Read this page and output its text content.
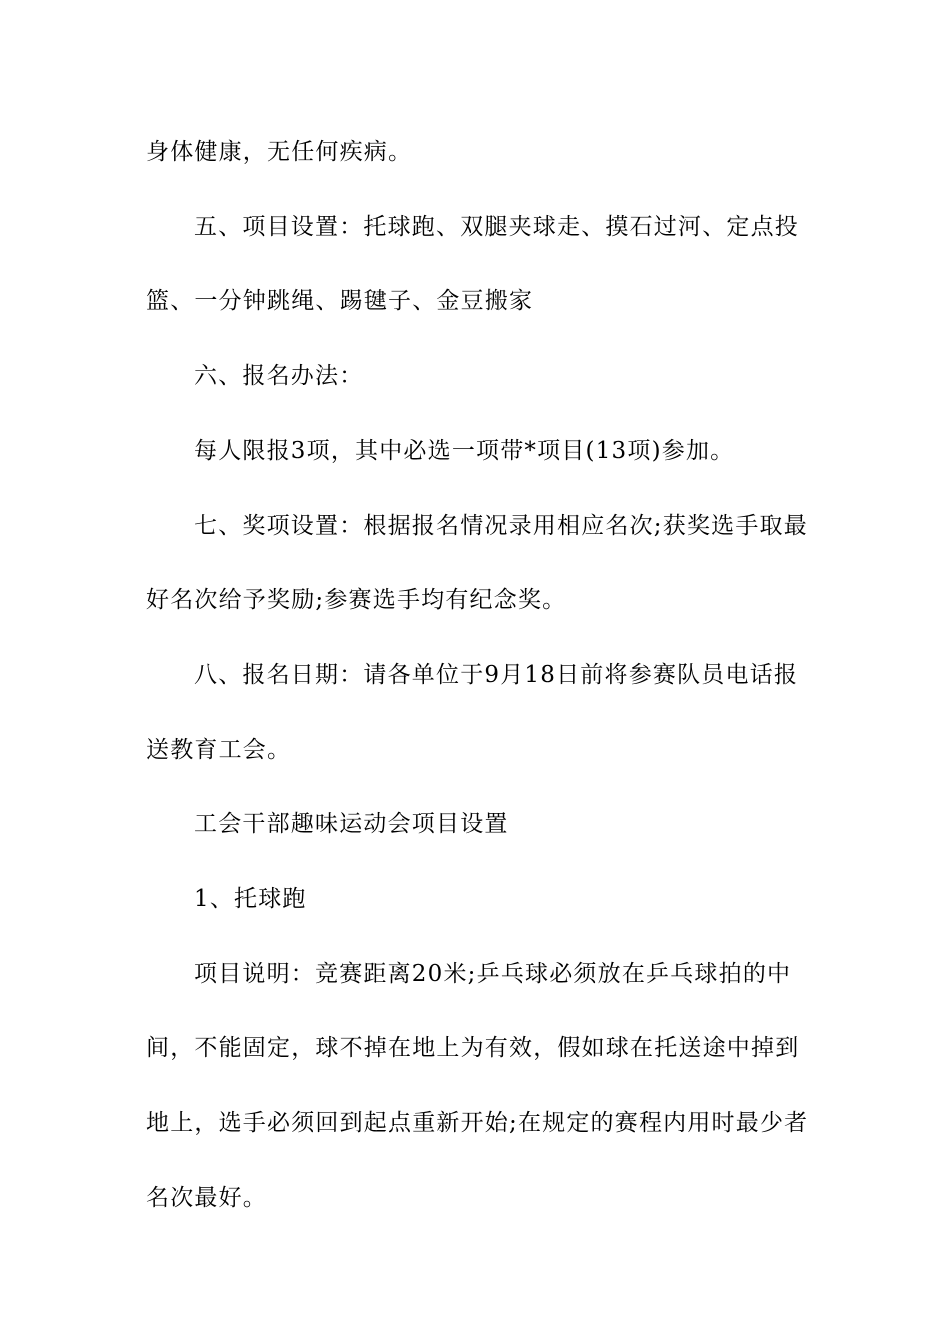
身体健康，无任何疾病。

五、项目设置：托球跑、双腿夹球走、摸石过河、定点投篮、一分钟跳绳、踢毽子、金豆搬家

六、报名办法：

每人限报3项，其中必选一项带*项目(13项)参加。

七、奖项设置：根据报名情况录用相应名次;获奖选手取最好名次给予奖励;参赛选手均有纪念奖。

八、报名日期：请各单位于9月18日前将参赛队员电话报送教育工会。

工会干部趣味运动会项目设置

1、托球跑

项目说明：竞赛距离20米;乒乓球必须放在乒乓球拍的中间，不能固定，球不掉在地上为有效，假如球在托送途中掉到地上，选手必须回到起点重新开始;在规定的赛程内用时最少者名次最好。
